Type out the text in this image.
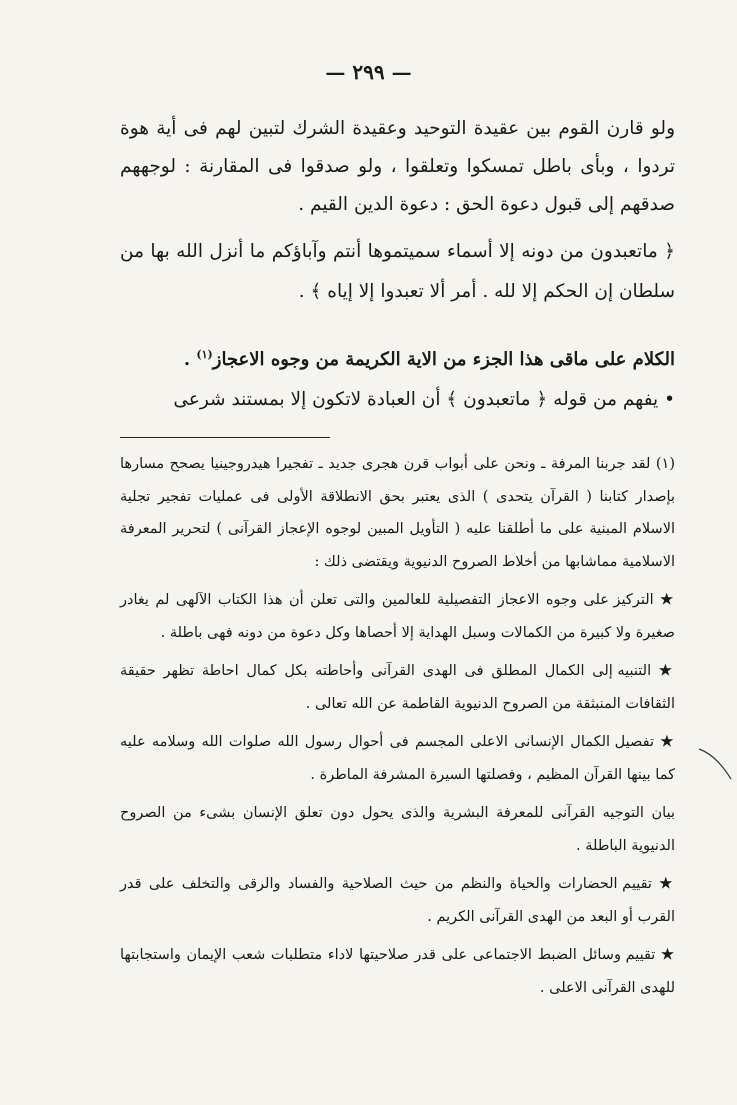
— ٢٩٩ —

ولو قارن القوم بين عقيدة التوحيد وعقيدة الشرك لتبين لهم فى أية هوة تردوا ، وبأى باطل تمسكوا وتعلقوا ، ولو صدقوا فى المقارنة : لوجههم صدقهم إلى قبول دعوة الحق : دعوة الدين القيم .

﴿ ماتعبدون من دونه إلا أسماء سميتموها أنتم وآباؤكم ما أنزل الله بها من سلطان إن الحكم إلا لله . أمر ألا تعبدوا إلا إياه ﴾ .

الكلام على ماقى هذا الجزء من الاية الكريمة من وجوه الاعجاز$^{(١)}$ .

• يفهم من قوله ﴿ ماتعبدون ﴾ أن العبادة لاتكون إلا بمستند شرعى

(١) لقد جربنا المرفة ـ ونحن على أبواب قرن هجرى جديد ـ تفجيرا هيدروجينيا يصحح مسارها بإصدار كتابنا ( القرآن يتحدى ) الذى يعتبر بحق الانطلاقة الأولى فى عمليات تفجير تجلية الاسلام المبنية على ما أطلقنا عليه ( التأويل المبين لوجوه الإعجاز القرآنى ) لتحرير المعرفة الاسلامية مماشابها من أخلاط الصروح الدنيوية ويقتضى ذلك :

★ التركيز على وجوه الاعجاز التفصيلية للعالمين والتى تعلن أن هذا الكتاب الآلهى لم يغادر صغيرة ولا كبيرة من الكمالات وسبل الهداية إلا أحصاها وكل دعوة من دونه فهى باطلة .

★ التنبيه إلى الكمال المطلق فى الهدى القرآنى وأحاطته بكل كمال احاطة تظهر حقيقة الثقافات المنبثقة من الصروح الدنيوية القاطمة عن الله تعالى .

★ تفصيل الكمال الإنسانى الاعلى المجسم فى أحوال رسول الله صلوات الله وسلامه عليه كما بينها القرآن المظيم ، وفصلتها السيرة المشرفة الماطرة .

بيان التوجيه القرآنى للمعرفة البشرية والذى يحول دون تعلق الإنسان بشىء من الصروح الدنيوية الباطلة .

★ تقييم الحضارات والحياة والنظم من حيث الصلاحية والفساد والرقى والتخلف على قدر القرب أو البعد من الهدى القرآنى الكريم .

★ تقييم وسائل الضبط الاجتماعى على قدر صلاحيتها لاداء متطلبات شعب الإيمان واستجابتها للهدى القرآنى الاعلى .
